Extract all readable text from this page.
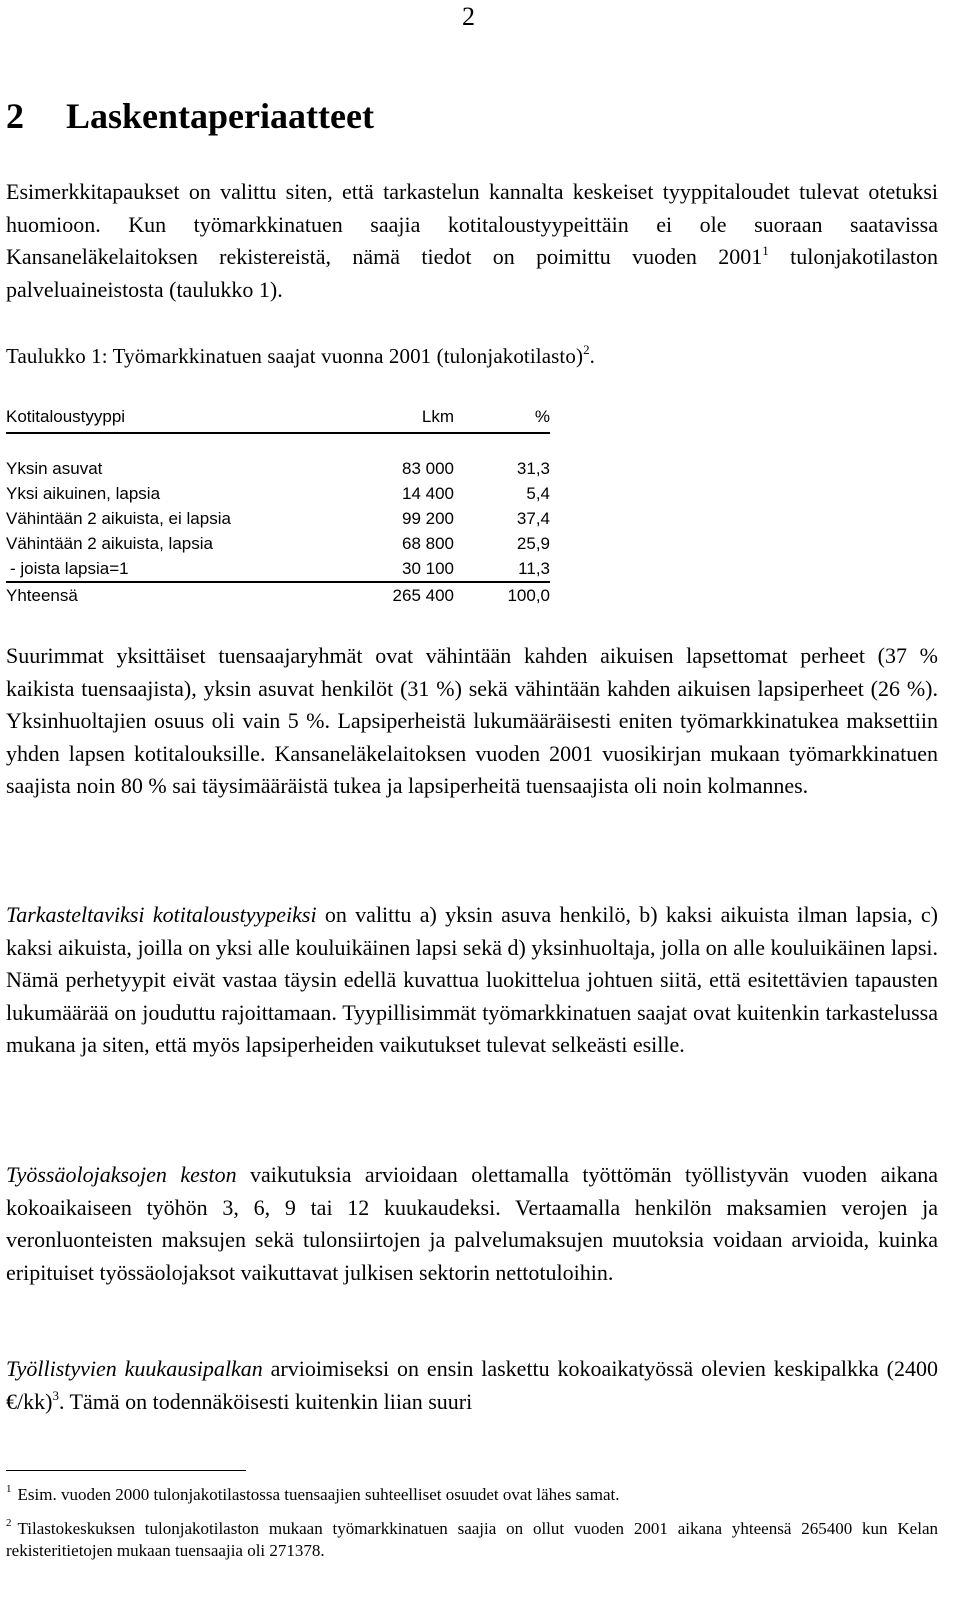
2
2 Laskentaperiaatteet

Esimerkkitapaukset on valittu siten, että tarkastelun kannalta keskeiset tyyppitaloudet tulevat otetuksi huomioon. Kun työmarkkinatuen saajia kotitaloustyypeittäin ei ole suoraan saatavissa Kansaneläkelaitoksen rekistereistä, nämä tiedot on poimittu vuoden 2001$^1$ tulonjakotilaston palveluaineistosta (taulukko 1).

Taulukko 1: Työmarkkinatuen saajat vuonna 2001 (tulonjakotilasto)$^2$.

Kotitaloustyyppi	Lkm	%

Yksin asuvat	83 000	31,3
Yksi aikuinen, lapsia	14 400	5,4
Vähintään 2 aikuista, ei lapsia	99 200	37,4
Vähintään 2 aikuista, lapsia	68 800	25,9
- joista lapsia=1	30 100	11,3
Yhteensä	265 400	100,0

Suurimmat yksittäiset tuensaajaryhmät ovat vähintään kahden aikuisen lapsettomat perheet (37 % kaikista tuensaajista), yksin asuvat henkilöt (31 %) sekä vähintään kahden aikuisen lapsiperheet (26 %). Yksinhuoltajien osuus oli vain 5 %. Lapsiperheistä lukumääräisesti eniten työmarkkinatukea maksettiin yhden lapsen kotitalouksille. Kansaneläkelaitoksen vuoden 2001 vuosikirjan mukaan työmarkkinatuen saajista noin 80 % sai täysimääräistä tukea ja lapsiperheitä tuensaajista oli noin kolmannes.

Tarkasteltaviksi kotitaloustyypeiksi on valittu a) yksin asuva henkilö, b) kaksi aikuista ilman lapsia, c) kaksi aikuista, joilla on yksi alle kouluikäinen lapsi sekä d) yksinhuoltaja, jolla on alle kouluikäinen lapsi. Nämä perhetyypit eivät vastaa täysin edellä kuvattua luokittelua johtuen siitä, että esitettävien tapausten lukumäärää on jouduttu rajoittamaan. Tyypillisimmät työmarkkinatuen saajat ovat kuitenkin tarkastelussa mukana ja siten, että myös lapsiperheiden vaikutukset tulevat selkeästi esille.

Työssäolojaksojen keston vaikutuksia arvioidaan olettamalla työttömän työllistyvän vuoden aikana kokoaikaiseen työhön 3, 6, 9 tai 12 kuukaudeksi. Vertaamalla henkilön maksamien verojen ja veronluonteisten maksujen sekä tulonsiirtojen ja palvelumaksujen muutoksia voidaan arvioida, kuinka eripituiset työssäolojaksot vaikuttavat julkisen sektorin nettotuloihin.

Työllistyvien kuukausipalkan arvioimiseksi on ensin laskettu kokoaikatyössä olevien keskipalkka (2400 €/kk)$^3$. Tämä on todennäköisesti kuitenkin liian suuri

$^1$ Esim. vuoden 2000 tulonjakotilastossa tuensaajien suhteelliset osuudet ovat lähes samat.

$^2$ Tilastokeskuksen tulonjakotilaston mukaan työmarkkinatuen saajia on ollut vuoden 2001 aikana yhteensä 265400 kun Kelan rekisteritietojen mukaan tuensaajia oli 271378.
